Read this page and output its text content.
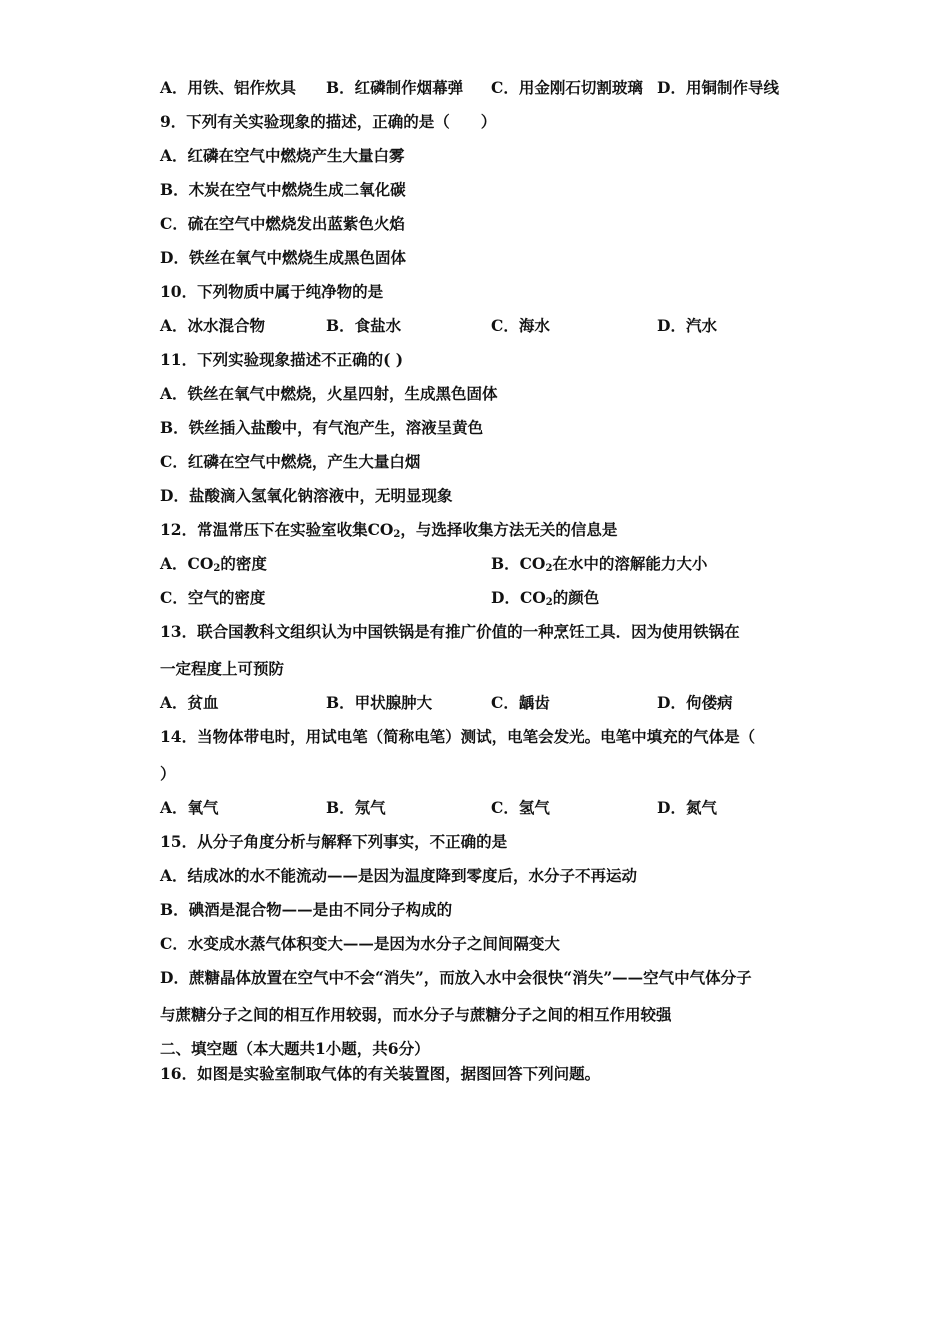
A．用铁、铝作炊具 B．红磷制作烟幕弹 C．用金刚石切割玻璃 D．用铜制作导线
9．下列有关实验现象的描述，正确的是（　　）
A．红磷在空气中燃烧产生大量白雾
B．木炭在空气中燃烧生成二氧化碳
C．硫在空气中燃烧发出蓝紫色火焰
D．铁丝在氧气中燃烧生成黑色固体
10．下列物质中属于纯净物的是
A．冰水混合物	B．食盐水	C．海水	D．汽水
11．下列实验现象描述不正确的( )
A．铁丝在氧气中燃烧，火星四射，生成黑色固体
B．铁丝插入盐酸中，有气泡产生，溶液呈黄色
C．红磷在空气中燃烧，产生大量白烟
D．盐酸滴入氢氧化钠溶液中，无明显现象
12．常温常压下在实验室收集$CO_2$，与选择收集方法无关的信息是
A．$CO_2$的密度	B．$CO_2$在水中的溶解能力大小
C．空气的密度	D．$CO_2$的颜色
13．联合国教科文组织认为中国铁锅是有推广价值的一种烹饪工具．因为使用铁锅在
一定程度上可预防
A．贫血	B．甲状腺肿大	C．龋齿	D．佝偻病
14．当物体带电时，用试电笔（简称电笔）测试，电笔会发光。电笔中填充的气体是（
）
A．氧气	B．氖气	C．氢气	D．氮气
15．从分子角度分析与解释下列事实，不正确的是
A．结成冰的水不能流动——是因为温度降到零度后，水分子不再运动
B．碘酒是混合物——是由不同分子构成的
C．水变成水蒸气体积变大——是因为水分子之间间隔变大
D．蔗糖晶体放置在空气中不会“消失”，而放入水中会很快“消失”——空气中气体分子
与蔗糖分子之间的相互作用较弱，而水分子与蔗糖分子之间的相互作用较强
二、填空题（本大题共1小题，共6分）
16．如图是实验室制取气体的有关装置图，据图回答下列问题。
